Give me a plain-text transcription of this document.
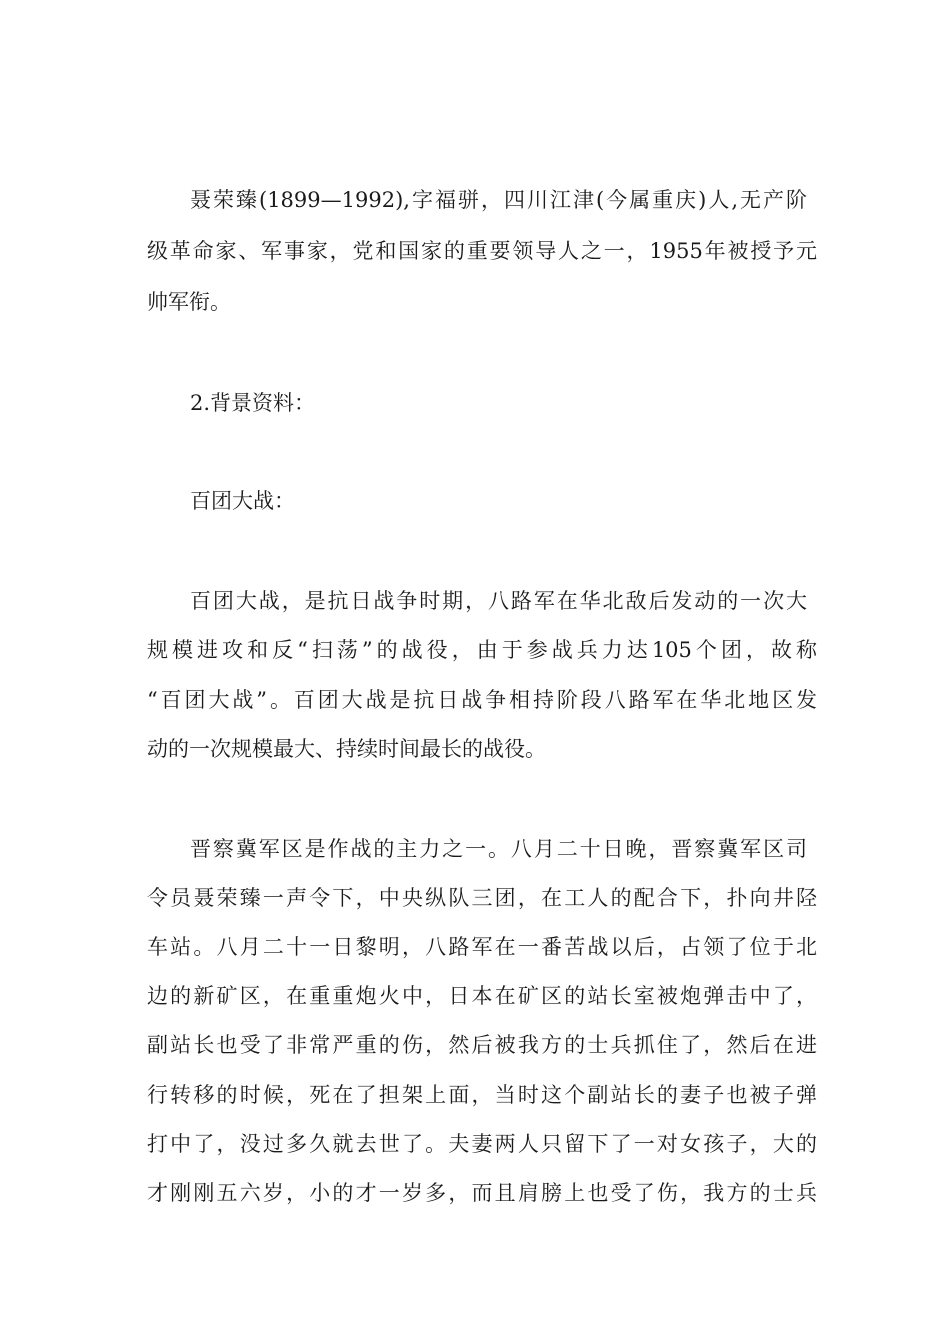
聂荣臻(1899—1992),字福骈，四川江津(今属重庆)人,无产阶
级革命家、军事家，党和国家的重要领导人之一，1955年被授予元
帅军衔。
2.背景资料：
百团大战：
百团大战，是抗日战争时期，八路军在华北敌后发动的一次大
规模进攻和反“扫荡”的战役，由于参战兵力达105个团，故称
“百团大战”。百团大战是抗日战争相持阶段八路军在华北地区发
动的一次规模最大、持续时间最长的战役。
晋察冀军区是作战的主力之一。八月二十日晚，晋察冀军区司
令员聂荣臻一声令下，中央纵队三团，在工人的配合下，扑向井陉
车站。八月二十一日黎明，八路军在一番苦战以后，占领了位于北
边的新矿区，在重重炮火中，日本在矿区的站长室被炮弹击中了，
副站长也受了非常严重的伤，然后被我方的士兵抓住了，然后在进
行转移的时候，死在了担架上面，当时这个副站长的妻子也被子弹
打中了，没过多久就去世了。夫妻两人只留下了一对女孩子，大的
才刚刚五六岁，小的才一岁多，而且肩膀上也受了伤，我方的士兵
